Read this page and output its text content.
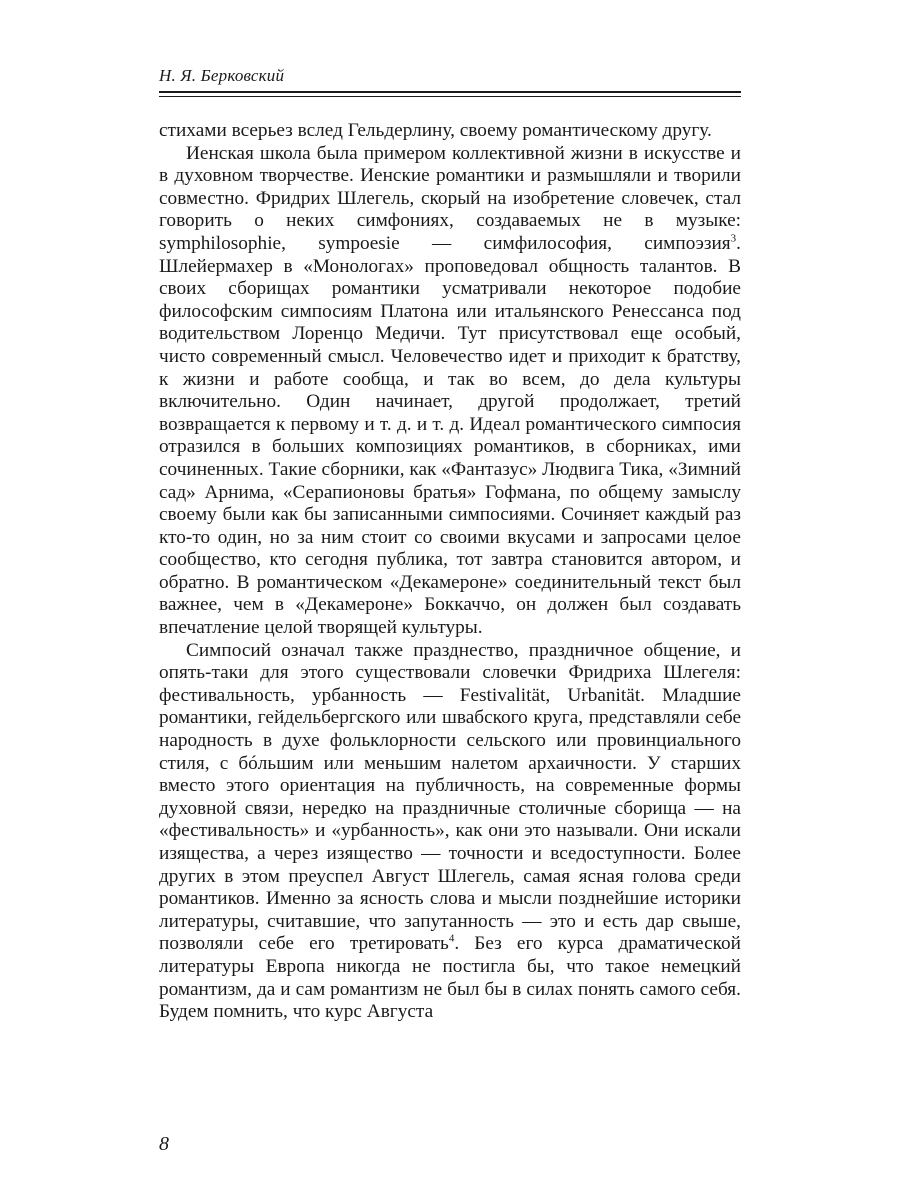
Н. Я. Берковский

стихами всерьез вслед Гельдерлину, своему романтическому другу.

Иенская школа была примером коллективной жизни в искусстве и в духовном творчестве. Иенские романтики и размышляли и творили совместно. Фридрих Шлегель, скорый на изобретение словечек, стал говорить о неких симфониях, создаваемых не в музыке: symphilosophie, sympoesie — симфилософия, симпоэзия$^3$. Шлейермахер в «Монологах» проповедовал общность талантов. В своих сборищах романтики усматривали некоторое подобие философским симпосиям Платона или итальянского Ренессанса под водительством Лоренцо Медичи. Тут присутствовал еще особый, чисто современный смысл. Человечество идет и приходит к братству, к жизни и работе сообща, и так во всем, до дела культуры включительно. Один начинает, другой продолжает, третий возвращается к первому и т. д. и т. д. Идеал романтического симпосия отразился в больших композициях романтиков, в сборниках, ими сочиненных. Такие сборники, как «Фантазус» Людвига Тика, «Зимний сад» Арнима, «Серапионовы братья» Гофмана, по общему замыслу своему были как бы записанными симпосиями. Сочиняет каждый раз кто-то один, но за ним стоит со своими вкусами и запросами целое сообщество, кто сегодня публика, тот завтра становится автором, и обратно. В романтическом «Декамероне» соединительный текст был важнее, чем в «Декамероне» Боккаччо, он должен был создавать впечатление целой творящей культуры.

Симпосий означал также празднество, праздничное общение, и опять-таки для этого существовали словечки Фридриха Шлегеля: фестивальность, урбанность — Festivalität, Urbanität. Младшие романтики, гейдельбергского или швабского круга, представляли себе народность в духе фольклорности сельского или провинциального стиля, с бóльшим или меньшим налетом архаичности. У старших вместо этого ориентация на публичность, на современные формы духовной связи, нередко на праздничные столичные сборища — на «фестивальность» и «урбанность», как они это называли. Они искали изящества, а через изящество — точности и вседоступности. Более других в этом преуспел Август Шлегель, самая ясная голова среди романтиков. Именно за ясность слова и мысли позднейшие историки литературы, считавшие, что запутанность — это и есть дар свыше, позволяли себе его третировать$^4$. Без его курса драматической литературы Европа никогда не постигла бы, что такое немецкий романтизм, да и сам романтизм не был бы в силах понять самого себя. Будем помнить, что курс Августа

8
